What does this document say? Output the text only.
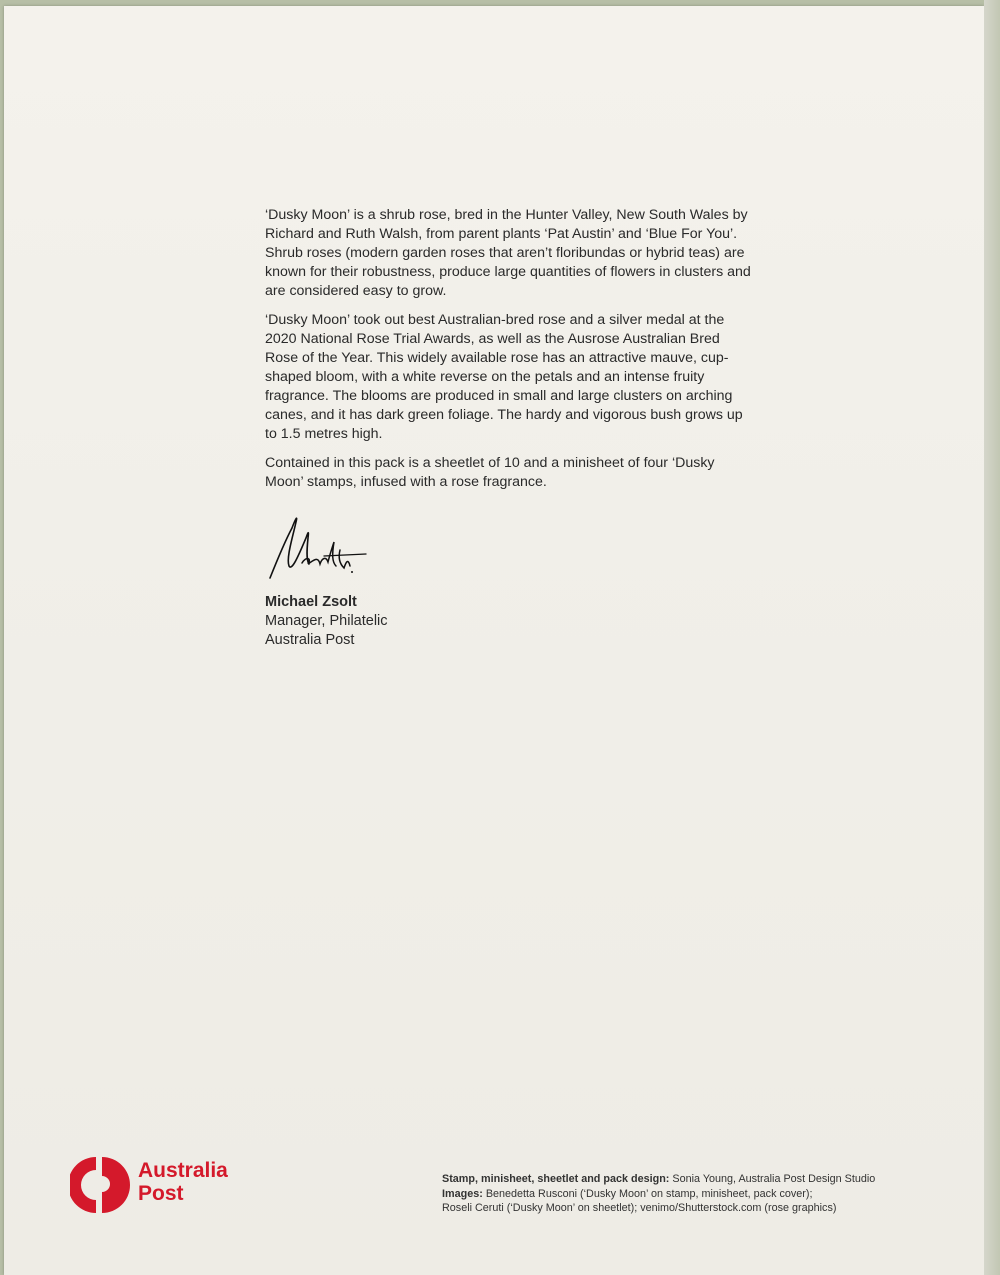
‘Dusky Moon’ is a shrub rose, bred in the Hunter Valley, New South Wales by Richard and Ruth Walsh, from parent plants ‘Pat Austin’ and ‘Blue For You’. Shrub roses (modern garden roses that aren’t floribundas or hybrid teas) are known for their robustness, produce large quantities of flowers in clusters and are considered easy to grow.

‘Dusky Moon’ took out best Australian-bred rose and a silver medal at the 2020 National Rose Trial Awards, as well as the Ausrose Australian Bred Rose of the Year. This widely available rose has an attractive mauve, cup-shaped bloom, with a white reverse on the petals and an intense fruity fragrance. The blooms are produced in small and large clusters on arching canes, and it has dark green foliage. The hardy and vigorous bush grows up to 1.5 metres high.

Contained in this pack is a sheetlet of 10 and a minisheet of four ‘Dusky Moon’ stamps, infused with a rose fragrance.

Michael Zsolt
Manager, Philatelic
Australia Post
Australia
Post
Stamp, minisheet, sheetlet and pack design: Sonia Young, Australia Post Design Studio
Images: Benedetta Rusconi (‘Dusky Moon’ on stamp, minisheet, pack cover);
Roseli Ceruti (‘Dusky Moon’ on sheetlet); venimo/Shutterstock.com (rose graphics)
